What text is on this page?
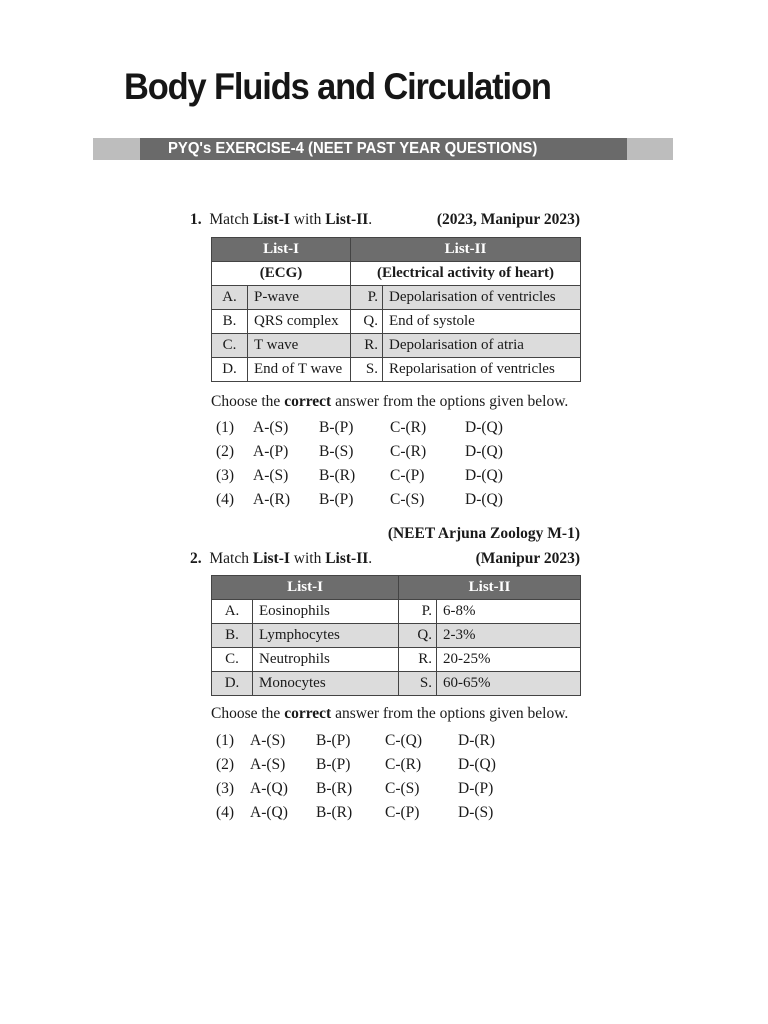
Body Fluids and Circulation
PYQ's EXERCISE-4 (NEET PAST YEAR QUESTIONS)
1. Match List-I with List-II.	(2023, Manipur 2023)
List-I		List-II	
(ECG)		(Electrical activity of heart)	
A.	P-wave	P.	Depolarisation of ventricles
B.	QRS complex	Q.	End of systole
C.	T wave	R.	Depolarisation of atria
D.	End of T wave	S.	Repolarisation of ventricles
Choose the correct answer from the options given below.
(1) A-(S) B-(P) C-(R)	D-(Q)
(2) A-(P) B-(S) C-(R)	D-(Q)
(3) A-(S) B-(R) C-(P)	D-(Q)
(4) A-(R) B-(P) C-(S)	D-(Q)
(NEET Arjuna Zoology M-1)
2. Match List-I with List-II.	(Manipur 2023)
List-I		List-II	
A.	Eosinophils	P.	6-8%
B.	Lymphocytes	Q.	2-3%
C.	Neutrophils	R.	20-25%
D.	Monocytes	S.	60-65%
Choose the correct answer from the options given below.
(1) A-(S) B-(P) C-(Q) D-(R)
(2) A-(S) B-(P) C-(R) D-(Q)
(3) A-(Q) B-(R) C-(S) D-(P)
(4) A-(Q) B-(R) C-(P) D-(S)
